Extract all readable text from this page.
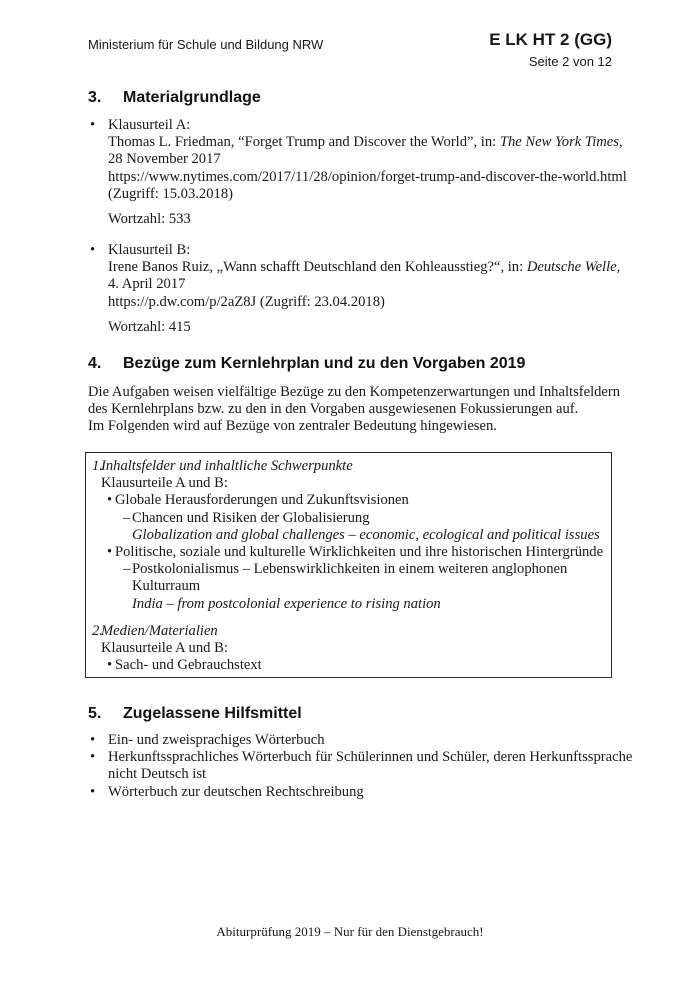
Ministerium für Schule und Bildung NRW	E LK HT 2 (GG)
Seite 2 von 12
3.	Materialgrundlage
• Klausurteil A:
Thomas L. Friedman, “Forget Trump and Discover the World”, in: The New York Times,
28 November 2017
https://www.nytimes.com/2017/11/28/opinion/forget-trump-and-discover-the-world.html
(Zugriff: 15.03.2018)
Wortzahl: 533
• Klausurteil B:
Irene Banos Ruiz, „Wann schafft Deutschland den Kohleausstieg?“, in: Deutsche Welle,
4. April 2017
https://p.dw.com/p/2aZ8J (Zugriff: 23.04.2018)
Wortzahl: 415
4.	Bezüge zum Kernlehrplan und zu den Vorgaben 2019
Die Aufgaben weisen vielfältige Bezüge zu den Kompetenzerwartungen und Inhaltsfeldern
des Kernlehrplans bzw. zu den in den Vorgaben ausgewiesenen Fokussierungen auf.
Im Folgenden wird auf Bezüge von zentraler Bedeutung hingewiesen.
1.
Inhaltsfelder und inhaltliche Schwerpunkte
Klausurteile A und B:
• Globale Herausforderungen und Zukunftsvisionen
– Chancen und Risiken der Globalisierung
Globalization and global challenges – economic, ecological and political issues
• Politische, soziale und kulturelle Wirklichkeiten und ihre historischen Hintergründe
– Postkolonialismus – Lebenswirklichkeiten in einem weiteren anglophonen
Kulturraum
India – from postcolonial experience to rising nation
2.
Medien/Materialien
Klausurteile A und B:
• Sach- und Gebrauchstext
5.	Zugelassene Hilfsmittel
• Ein- und zweisprachiges Wörterbuch
• Herkunftssprachliches Wörterbuch für Schülerinnen und Schüler, deren Herkunftssprache
nicht Deutsch ist
• Wörterbuch zur deutschen Rechtschreibung
Abiturprüfung 2019 – Nur für den Dienstgebrauch!
